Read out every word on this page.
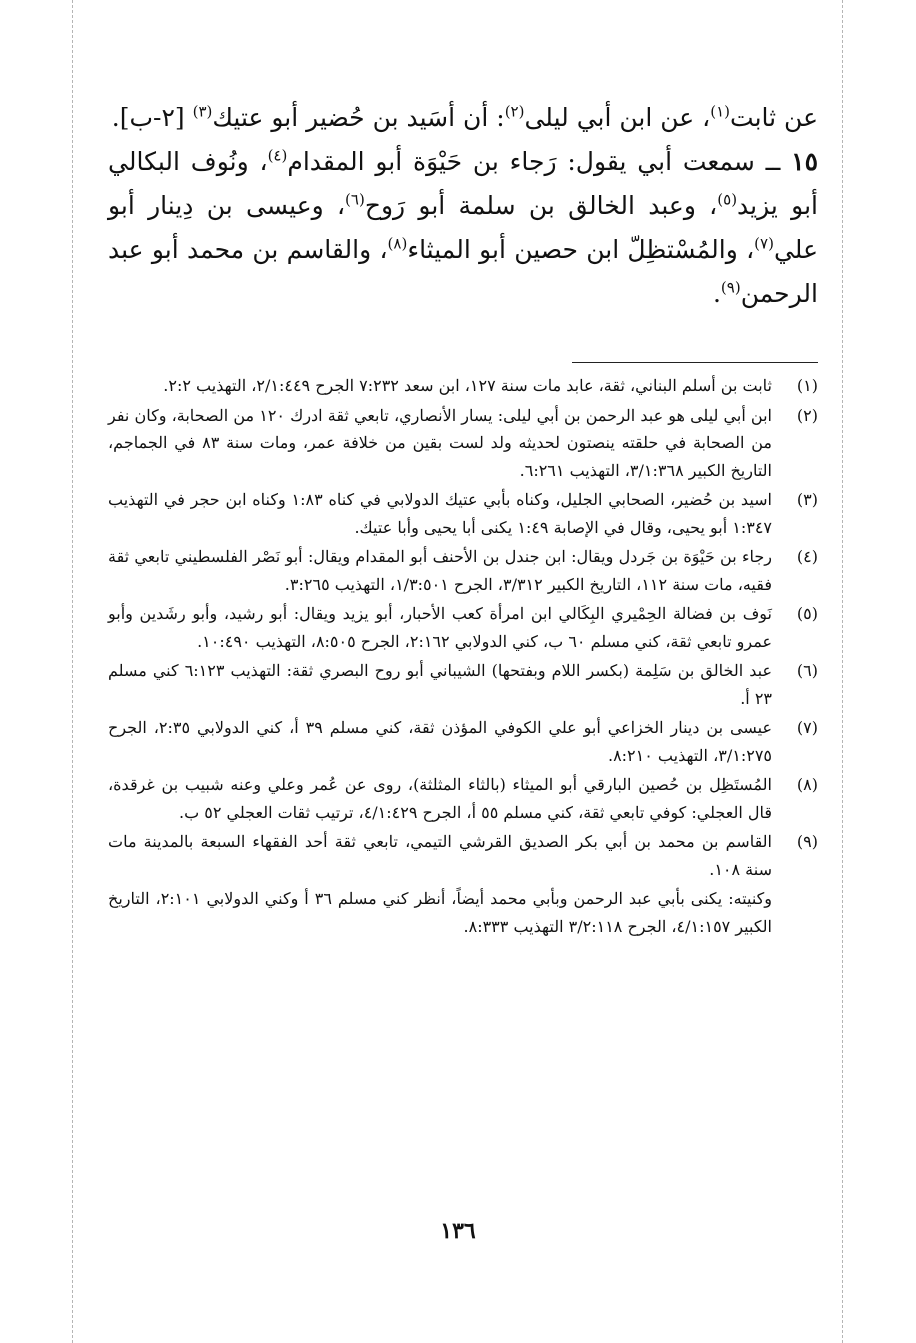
عن ثابت$^{(١)}$، عن ابن أبي ليلى$^{(٢)}$: أن أسَيد بن حُضير أبو عتيك$^{(٣)}$ [٢-ب].

١٥ ــ سمعت أبي يقول: رَجاء بن حَيْوَة أبو المقدام$^{(٤)}$، ونُوف البكالي أبو يزيد$^{(٥)}$، وعبد الخالق بن سلمة أبو رَوح$^{(٦)}$، وعيسى بن دِينار أبو علي$^{(٧)}$، والمُسْتظِلّ ابن حصين أبو الميثاء$^{(٨)}$، والقاسم بن محمد أبو عبد الرحمن$^{(٩)}$.

(١)
ثابت بن أسلم البناني، ثقة، عابد مات سنة ١٢٧، ابن سعد ٧:٢٣٢ الجرح ٢/١:٤٤٩، التهذيب ٢:٢.
(٢)
ابن أبي ليلى هو عبد الرحمن بن أبي ليلى: يسار الأنصاري، تابعي ثقة ادرك ١٢٠ من الصحابة، وكان نفر من الصحابة في حلقته ينصتون لحديثه ولد لست بقين من خلافة عمر، ومات سنة ٨٣ في الجماجم، التاريخ الكبير ٣/١:٣٦٨، التهذيب ٦:٢٦١.
(٣)
اسيد بن حُضير، الصحابي الجليل، وكناه بأبي عتيك الدولابي في كناه ١:٨٣ وكناه ابن حجر في التهذيب ١:٣٤٧ أبو يحيى، وقال في الإصابة ١:٤٩ يكنى أبا يحيى وأبا عتيك.
(٤)
رجاء بن حَيْوَة بن جَردل ويقال: ابن جندل بن الأحنف أبو المقدام ويقال: أبو نَصْر الفلسطيني تابعي ثقة فقيه، مات سنة ١١٢، التاريخ الكبير ٣/٣١٢، الجرح ١/٣:٥٠١، التهذيب ٣:٢٦٥.
(٥)
نَوف بن فضالة الحِمْيري البِكَالي ابن امرأة كعب الأحبار، أبو يزيد ويقال: أبو رشيد، وأبو رشَدين وأبو عمرو تابعي ثقة، كني مسلم ٦٠ ب، كني الدولابي ٢:١٦٢، الجرح ٨:٥٠٥، التهذيب ١٠:٤٩٠.
(٦)
عبد الخالق بن سَلِمة (بكسر اللام وبفتحها) الشيباني أبو روح البصري ثقة: التهذيب ٦:١٢٣ كني مسلم ٢٣ أ.
(٧)
عيسى بن دينار الخزاعي أبو علي الكوفي المؤذن ثقة، كني مسلم ٣٩ أ، كني الدولابي ٢:٣٥، الجرح ٣/١:٢٧٥، التهذيب ٨:٢١٠.
(٨)
المُستَظِل بن حُصين البارقي أبو الميثاء (بالثاء المثلثة)، روى عن عُمر وعلي وعنه شبيب بن غرقدة، قال العجلي: كوفي تابعي ثقة، كني مسلم ٥٥ أ، الجرح ٤/١:٤٢٩، ترتيب ثقات العجلي ٥٢ ب.
(٩)
القاسم بن محمد بن أبي بكر الصديق القرشي التيمي، تابعي ثقة أحد الفقهاء السبعة بالمدينة مات سنة ١٠٨.
وكنيته: يكنى بأبي عبد الرحمن وبأبي محمد أيضاً، أنظر كني مسلم ٣٦ أ وكني الدولابي ٢:١٠١، التاريخ الكبير ٤/١:١٥٧، الجرح ٣/٢:١١٨ التهذيب ٨:٣٣٣.
١٣٦
